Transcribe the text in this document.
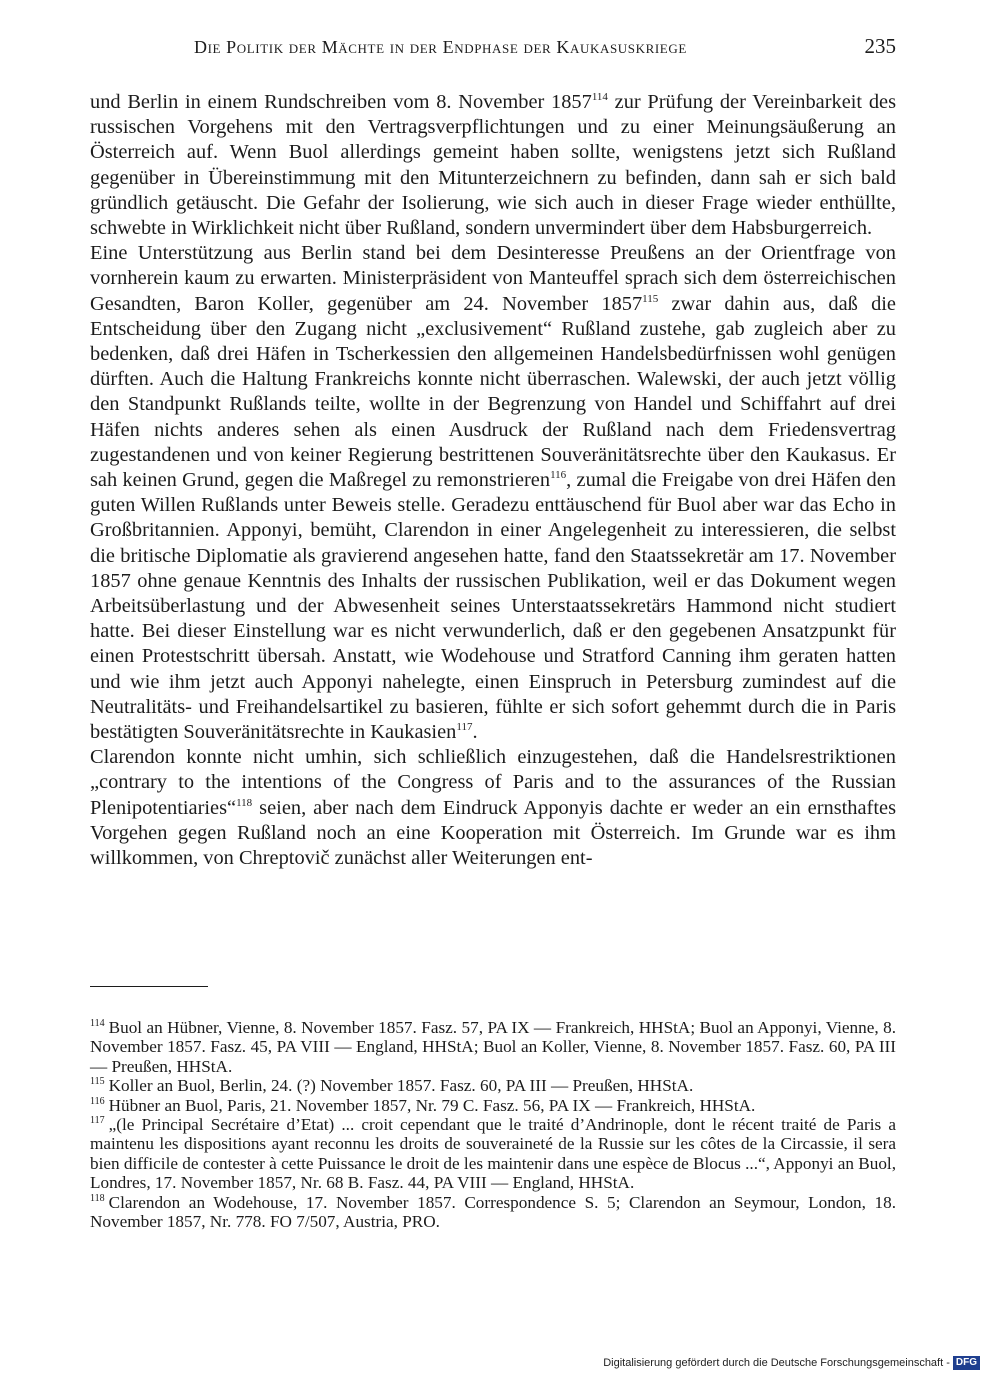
Die Politik der Mächte in der Endphase der Kaukasuskriege	235

und Berlin in einem Rundschreiben vom 8. November 1857$^{114}$ zur Prüfung der Vereinbarkeit des russischen Vorgehens mit den Vertragsverpflichtungen und zu einer Meinungsäußerung an Österreich auf. Wenn Buol allerdings gemeint haben sollte, wenigstens jetzt sich Rußland gegenüber in Übereinstimmung mit den Mitunterzeichnern zu befinden, dann sah er sich bald gründlich getäuscht. Die Gefahr der Isolierung, wie sich auch in dieser Frage wieder enthüllte, schwebte in Wirklichkeit nicht über Rußland, sondern unvermindert über dem Habsburgerreich.

Eine Unterstützung aus Berlin stand bei dem Desinteresse Preußens an der Orientfrage von vornherein kaum zu erwarten. Ministerpräsident von Manteuffel sprach sich dem österreichischen Gesandten, Baron Koller, gegenüber am 24. November 1857$^{115}$ zwar dahin aus, daß die Entscheidung über den Zugang nicht „exclusivement“ Rußland zustehe, gab zugleich aber zu bedenken, daß drei Häfen in Tscherkessien den allgemeinen Handelsbedürfnissen wohl genügen dürften. Auch die Haltung Frankreichs konnte nicht überraschen. Walewski, der auch jetzt völlig den Standpunkt Rußlands teilte, wollte in der Begrenzung von Handel und Schiffahrt auf drei Häfen nichts anderes sehen als einen Ausdruck der Rußland nach dem Friedensvertrag zugestandenen und von keiner Regierung bestrittenen Souveränitätsrechte über den Kaukasus. Er sah keinen Grund, gegen die Maßregel zu remonstrieren$^{116}$, zumal die Freigabe von drei Häfen den guten Willen Rußlands unter Beweis stelle. Geradezu enttäuschend für Buol aber war das Echo in Großbritannien. Apponyi, bemüht, Clarendon in einer Angelegenheit zu interessieren, die selbst die britische Diplomatie als gravierend angesehen hatte, fand den Staatssekretär am 17. November 1857 ohne genaue Kenntnis des Inhalts der russischen Publikation, weil er das Dokument wegen Arbeitsüberlastung und der Abwesenheit seines Unterstaatssekretärs Hammond nicht studiert hatte. Bei dieser Einstellung war es nicht verwunderlich, daß er den gegebenen Ansatzpunkt für einen Protestschritt übersah. Anstatt, wie Wodehouse und Stratford Canning ihm geraten hatten und wie ihm jetzt auch Apponyi nahelegte, einen Einspruch in Petersburg zumindest auf die Neutralitäts- und Freihandelsartikel zu basieren, fühlte er sich sofort gehemmt durch die in Paris bestätigten Souveränitätsrechte in Kaukasien$^{117}$.

Clarendon konnte nicht umhin, sich schließlich einzugestehen, daß die Handelsrestriktionen „contrary to the intentions of the Congress of Paris and to the assurances of the Russian Plenipotentiaries“$^{118}$ seien, aber nach dem Eindruck Apponyis dachte er weder an ein ernsthaftes Vorgehen gegen Rußland noch an eine Kooperation mit Österreich. Im Grunde war es ihm willkommen, von Chreptovič zunächst aller Weiterungen ent-

$^{114}$ Buol an Hübner, Vienne, 8. November 1857. Fasz. 57, PA IX — Frankreich, HHStA; Buol an Apponyi, Vienne, 8. November 1857. Fasz. 45, PA VIII — England, HHStA; Buol an Koller, Vienne, 8. November 1857. Fasz. 60, PA III — Preußen, HHStA.

$^{115}$ Koller an Buol, Berlin, 24. (?) November 1857. Fasz. 60, PA III — Preußen, HHStA.

$^{116}$ Hübner an Buol, Paris, 21. November 1857, Nr. 79 C. Fasz. 56, PA IX — Frankreich, HHStA.

$^{117}$ „(le Principal Secrétaire d’Etat) ... croit cependant que le traité d’Andrinople, dont le récent traité de Paris a maintenu les dispositions ayant reconnu les droits de souveraineté de la Russie sur les côtes de la Circassie, il sera bien difficile de contester à cette Puissance le droit de les maintenir dans une espèce de Blocus ...“, Apponyi an Buol, Londres, 17. November 1857, Nr. 68 B. Fasz. 44, PA VIII — England, HHStA.

$^{118}$ Clarendon an Wodehouse, 17. November 1857. Correspondence S. 5; Clarendon an Seymour, London, 18. November 1857, Nr. 778. FO 7/507, Austria, PRO.

Digitalisierung gefördert durch die Deutsche Forschungsgemeinschaft - DFG
